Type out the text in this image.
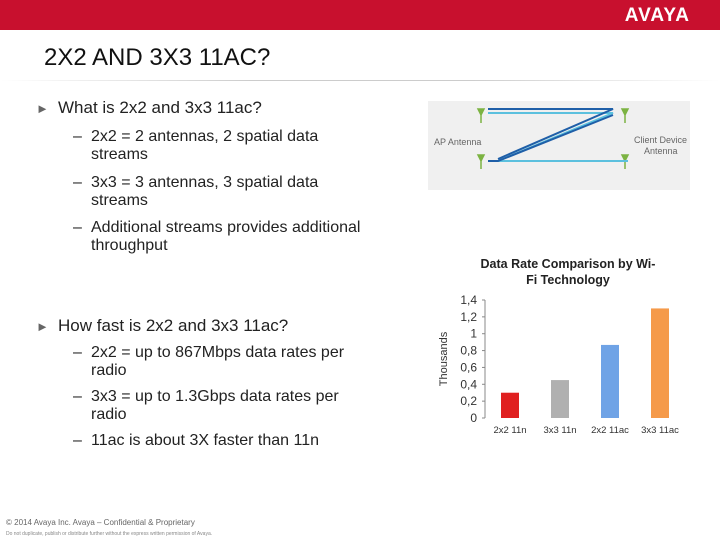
AVAYA
2X2 AND 3X3 11AC?
► What is 2x2 and 3x3 11ac?
– 2x2 = 2 antennas, 2 spatial data
streams
– 3x3 = 3 antennas, 3 spatial data
streams
– Additional streams provides additional
throughput
► How fast is 2x2 and 3x3 11ac?
– 2x2 = up to 867Mbps data rates per
radio
– 3x3 = up to 1.3Gbps data rates per
radio
– 11ac is about 3X faster than 11n
AP Antenna	Client Device
Antenna
Data Rate Comparison by Wi-
Fi Technology
0
0,2
0,4
0,6
0,8
1
1,2
1,4
Thousands
2x2 11n 3x3 11n 2x2 11ac 3x3 11ac
© 2014 Avaya Inc. Avaya – Confidential & Proprietary
Do not duplicate, publish or distribute further without the express written permission of Avaya.
